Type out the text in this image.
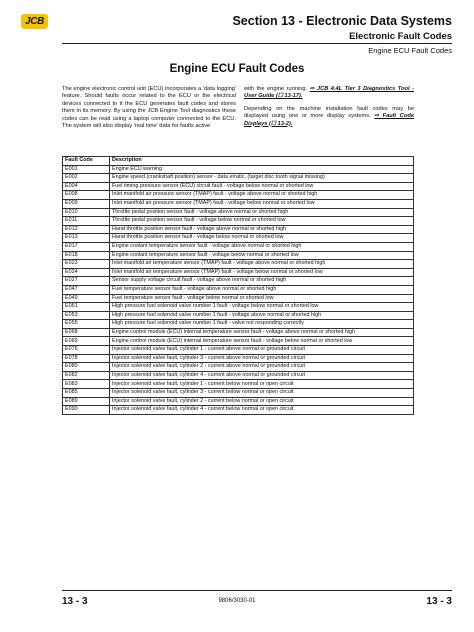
JCB	Section 13 - Electronic Data Systems
Electronic Fault Codes
Engine ECU Fault Codes
Engine ECU Fault Codes

The engine electronic control unit (ECU) incorporates a 'data logging' feature. Should faults occur related to the ECU or the electrical devices connected to it the ECU generates fault codes and stores them in its memory. By using the JCB Engine Tool diagnostics these codes can be read using a laptop computer connected to the ECU. The system will also display 'real time' data for faults active

with the engine running. ⇨ JCB 4.4L Tier 3 Diagnostics Tool - User Guide (☐ 13-17).

Depending on the machine installation fault codes may be displayed using one or more display systems. ⇨ Fault Code Displays (☐ 13-2).

Fault Code	Description
E001	Engine ECU warning
E002	Engine speed (crankshaft position) sensor - data erratic, (target disc tooth signal missing)
E004	Fuel timing pressure sensor (ECU) circuit fault - voltage below normal or shorted low
E008	Inlet manifold air pressure sensor (TMAP) fault - voltage above normal or shorted high
E009	Inlet manifold air pressure sensor (TMAP) fault - voltage below normal or shorted low
E010	Throttle pedal position sensor fault - voltage above normal or shorted high
E011	Throttle pedal position sensor fault - voltage below normal or shorted low
E012	Hand throttle position sensor fault - voltage above normal or shorted high
E013	Hand throttle position sensor fault - voltage below normal or shorted low
E017	Engine coolant temperature sensor fault - voltage above normal or shorted high
E018	Engine coolant temperature sensor fault - voltage below normal or shorted low
E023	Inlet manifold air temperature sensor (TMAP) fault - voltage above normal or shorted high
E024	Inlet manifold air temperature sensor (TMAP) fault - voltage below normal or shorted low
E027	Sensor supply voltage circuit fault - voltage above normal or shorted high
E047	Fuel temperature sensor fault - voltage above normal or shorted high
E049	Fuel temperature sensor fault - voltage below normal or shorted low
E051	High pressure fuel solenoid valve number 1 fault - voltage below normal or shorted low
E053	High pressure fuel solenoid valve number 1 fault - voltage above normal or shorted high
E055	High pressure fuel solenoid valve number 1 fault - valve not responding correctly
E068	Engine control module (ECU) internal temperature sensor fault - voltage above normal or shorted high
E069	Engine control module (ECU) internal temperature sensor fault - voltage below normal or shorted low
E076	Injector solenoid valve fault, cylinder 1 - current above normal or grounded circuit
E078	Injector solenoid valve fault, cylinder 3 - current above normal or grounded circuit
E080	Injector solenoid valve fault, cylinder 2 - current above normal or grounded circuit
E082	Injector solenoid valve fault, cylinder 4 - current above normal or grounded circuit
E083	Injector solenoid valve fault, cylinder 1 - current below normal or open circuit
E085	Injector solenoid valve fault, cylinder 3 - current below normal or open circuit
E089	Injector solenoid valve fault, cylinder 2 - current below normal or open circuit
E090	Injector solenoid valve fault, cylinder 4 - current below normal or open circuit
13 - 3	9806/3030-01	13 - 3
